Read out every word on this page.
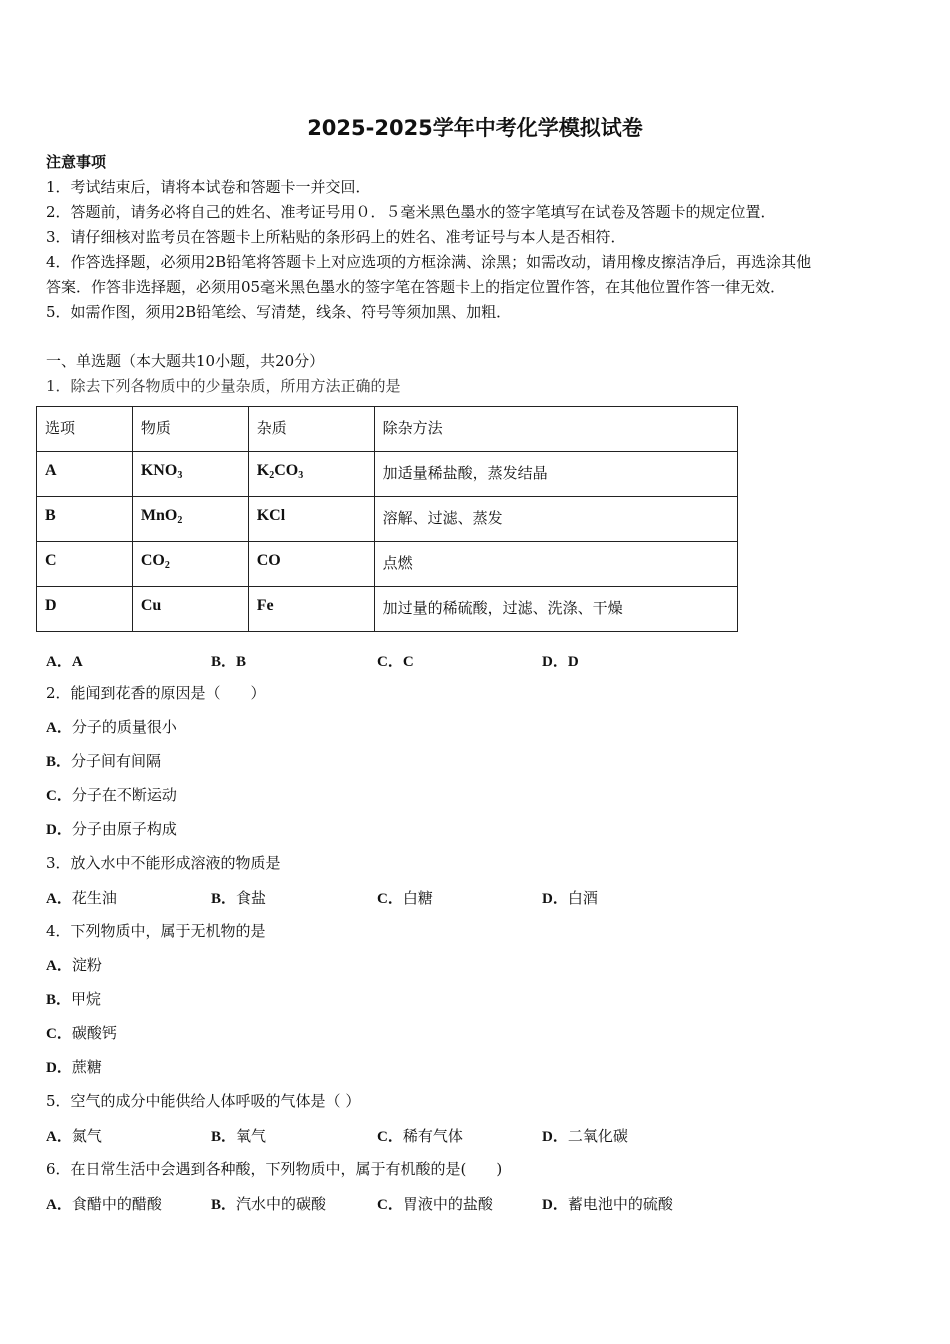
2025-2025学年中考化学模拟试卷
注意事项
1．考试结束后，请将本试卷和答题卡一并交回．
2．答题前，请务必将自己的姓名、准考证号用０．５毫米黑色墨水的签字笔填写在试卷及答题卡的规定位置．
3．请仔细核对监考员在答题卡上所粘贴的条形码上的姓名、准考证号与本人是否相符．
4．作答选择题，必须用2B铅笔将答题卡上对应选项的方框涂满、涂黑；如需改动，请用橡皮擦洁净后，再选涂其他
答案．作答非选择题，必须用05毫米黑色墨水的签字笔在答题卡上的指定位置作答，在其他位置作答一律无效．
5．如需作图，须用2B铅笔绘、写清楚，线条、符号等须加黑、加粗．
一、单选题（本大题共10小题，共20分）
1．除去下列各物质中的少量杂质，所用方法正确的是
选项	物质	杂质	除杂方法
A	$KNO_3$	$K_2CO_3$	加适量稀盐酸，蒸发结晶
B	MnO$_2$	KCl	溶解、过滤、蒸发
C	$CO_2$	CO	点燃
D	Cu	Fe	加过量的稀硫酸，过滤、洗涤、干燥
A．A	B．B	C．C	D．D
2．能闻到花香的原因是（　　）
A．分子的质量很小
B．分子间有间隔
C．分子在不断运动
D．分子由原子构成
3．放入水中不能形成溶液的物质是
A．花生油	B．食盐	C．白糖	D．白酒
4．下列物质中，属于无机物的是
A．淀粉
B．甲烷
C．碳酸钙
D．蔗糖
5．空气的成分中能供给人体呼吸的气体是（ ）
A．氮气	B．氧气	C．稀有气体	D．二氧化碳
6．在日常生活中会遇到各种酸，下列物质中，属于有机酸的是(　　)
A．食醋中的醋酸	B．汽水中的碳酸	C．胃液中的盐酸	D．蓄电池中的硫酸
